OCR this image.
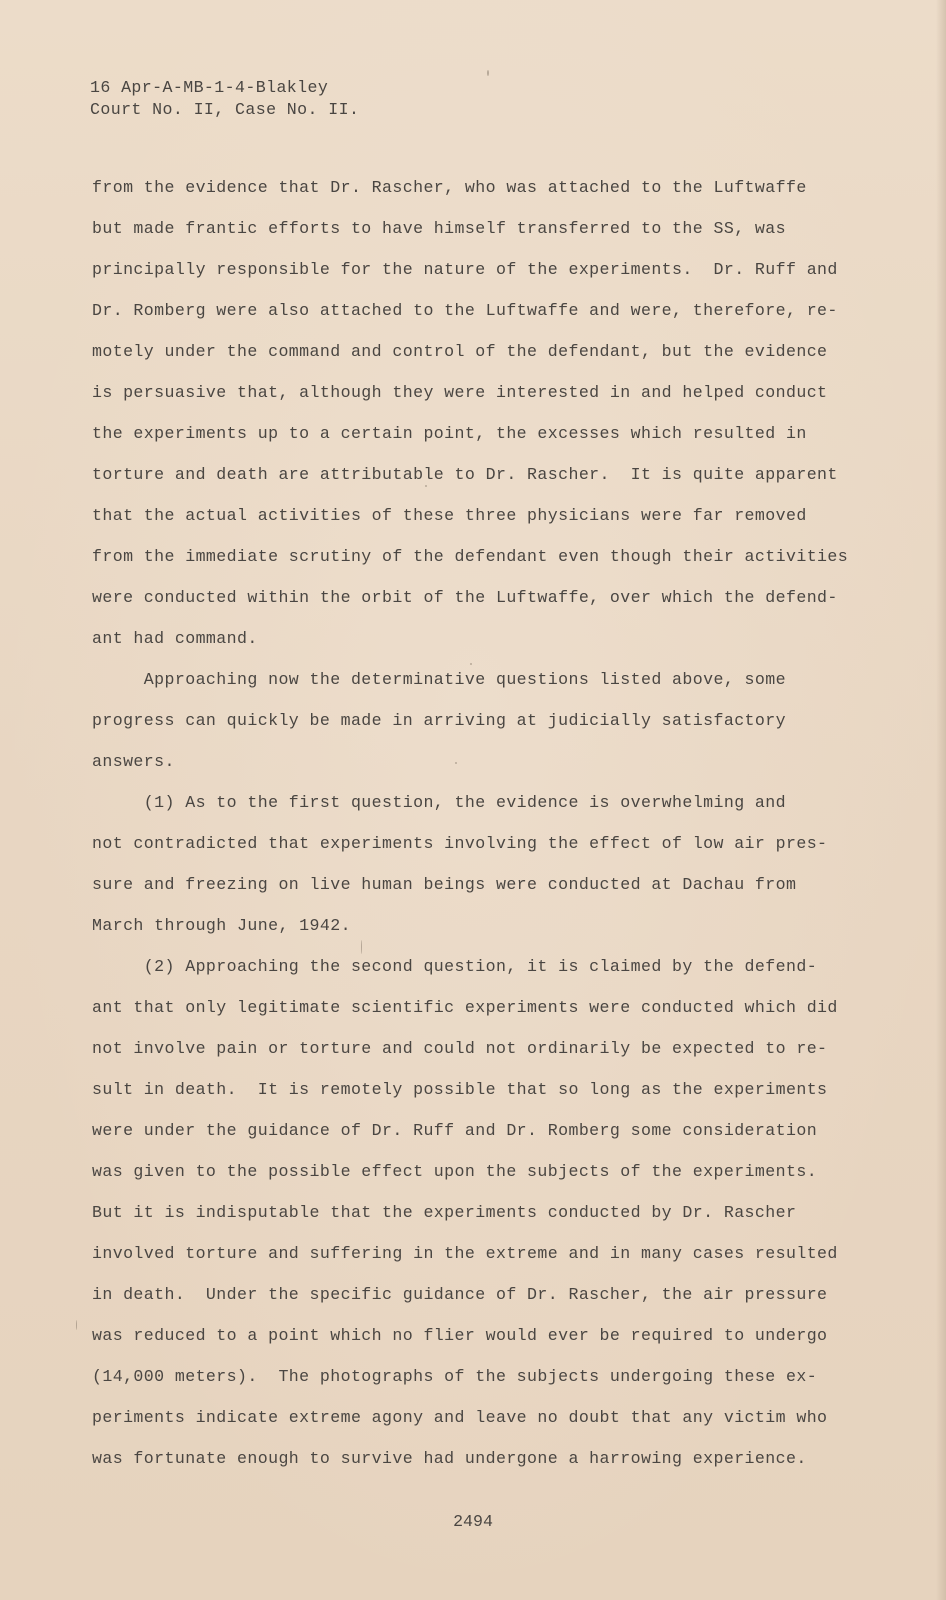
16 Apr-A-MB-1-4-Blakley

Court No. II, Case No. II.

from the evidence that Dr. Rascher, who was attached to the Luftwaffe

but made frantic efforts to have himself transferred to the SS, was

principally responsible for the nature of the experiments.  Dr. Ruff and

Dr. Romberg were also attached to the Luftwaffe and were, therefore, re-

motely under the command and control of the defendant, but the evidence

is persuasive that, although they were interested in and helped conduct

the experiments up to a certain point, the excesses which resulted in

torture and death are attributable to Dr. Rascher.  It is quite apparent

that the actual activities of these three physicians were far removed

from the immediate scrutiny of the defendant even though their activities

were conducted within the orbit of the Luftwaffe, over which the defend-

ant had command.

Approaching now the determinative questions listed above, some

progress can quickly be made in arriving at judicially satisfactory

answers.

(1) As to the first question, the evidence is overwhelming and

not contradicted that experiments involving the effect of low air pres-

sure and freezing on live human beings were conducted at Dachau from

March through June, 1942.

(2) Approaching the second question, it is claimed by the defend-

ant that only legitimate scientific experiments were conducted which did

not involve pain or torture and could not ordinarily be expected to re-

sult in death.  It is remotely possible that so long as the experiments

were under the guidance of Dr. Ruff and Dr. Romberg some consideration

was given to the possible effect upon the subjects of the experiments.

But it is indisputable that the experiments conducted by Dr. Rascher

involved torture and suffering in the extreme and in many cases resulted

in death.  Under the specific guidance of Dr. Rascher, the air pressure

was reduced to a point which no flier would ever be required to undergo

(14,000 meters).  The photographs of the subjects undergoing these ex-

periments indicate extreme agony and leave no doubt that any victim who

was fortunate enough to survive had undergone a harrowing experience.

2494
